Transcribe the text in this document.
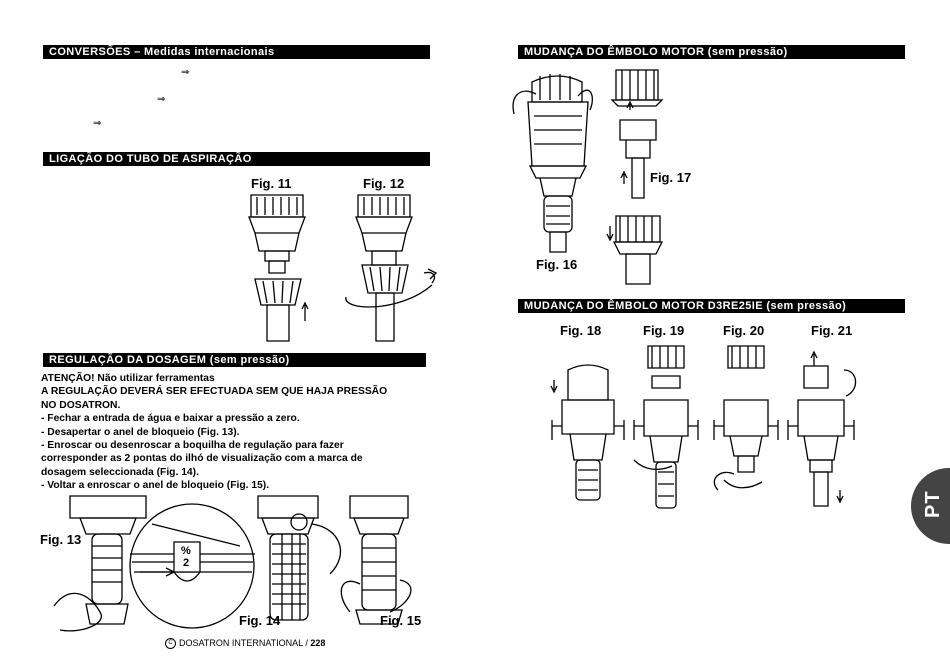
CONVERSÕES – Medidas internacionais
⇒
⇒
⇒
LIGAÇÃO DO TUBO DE ASPIRAÇÃO
Fig. 11	Fig. 12
REGULAÇÃO DA DOSAGEM (sem pressão)
ATENÇÃO! Não utilizar ferramentas
A REGULAÇÃO DEVERÁ SER EFECTUADA SEM QUE HAJA PRESSÃO
NO DOSATRON.
- Fechar a entrada de água e baixar a pressão a zero.
- Desapertar o anel de bloqueio (Fig. 13).
- Enroscar ou desenroscar a boquilha de regulação para fazer
corresponder as 2 pontas do ilhó de visualização com a marca de
dosagem seleccionada (Fig. 14).
- Voltar a enroscar o anel de bloqueio (Fig. 15).
%
2
Fig. 13
Fig. 14	Fig. 15
C DOSATRON INTERNATIONAL / 228
MUDANÇA DO ÊMBOLO MOTOR (sem pressão)
Fig. 16
Fig. 17
MUDANÇA DO ÊMBOLO MOTOR D3RE25IE (sem pressão)
Fig. 18	Fig. 19	Fig. 20	Fig. 21
PT
